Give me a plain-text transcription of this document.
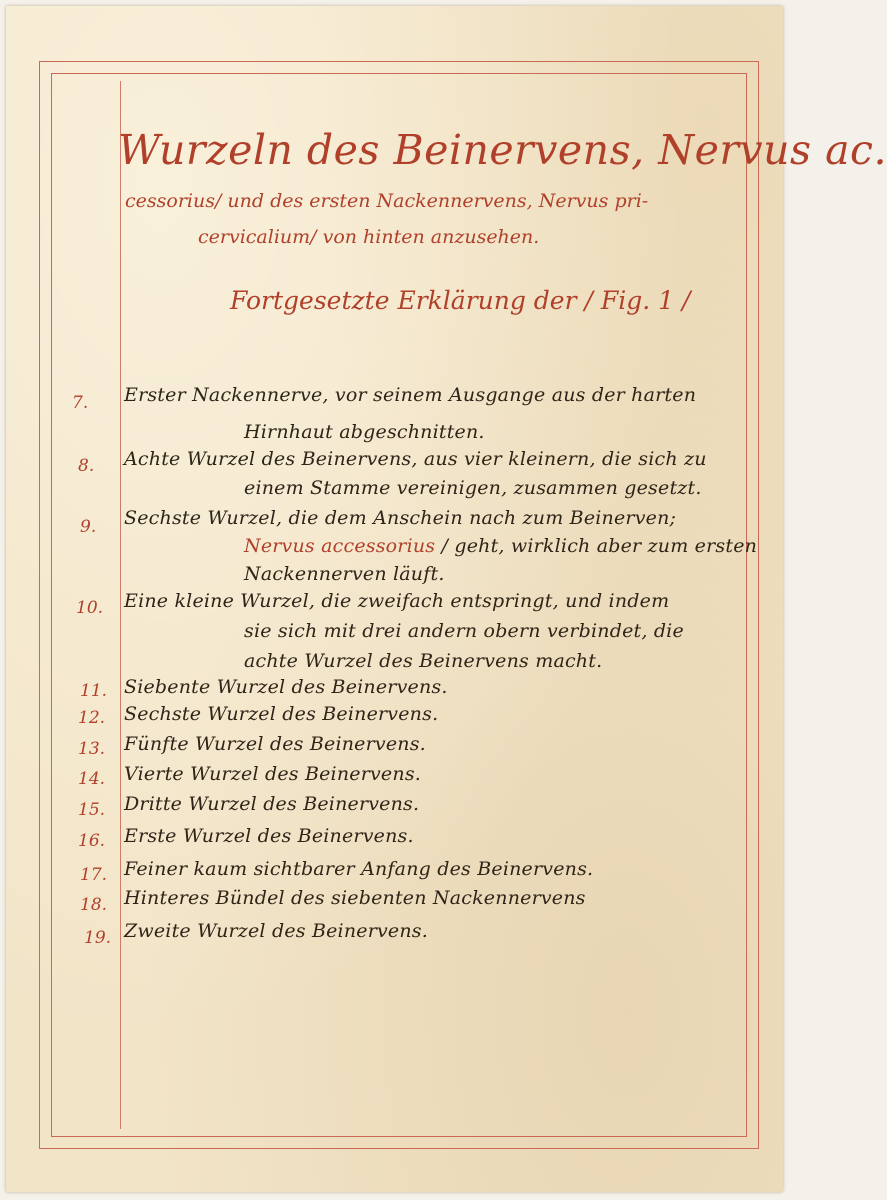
Wurzeln des Beinervens, Nervus ac.
cessorius/ und des ersten Nackennervens, Nervus pri-
cervicalium/ von hinten anzusehen.
Fortgesetzte Erklärung der / Fig. 1 /
7. Erster Nackennerve, vor seinem Ausgange aus der harten
Hirnhaut abgeschnitten.
8. Achte Wurzel des Beinervens, aus vier kleinern, die sich zu
einem Stamme vereinigen, zusammen gesetzt.
9. Sechste Wurzel, die dem Anschein nach zum Beinerven;
Nervus accessorius / geht, wirklich aber zum ersten
Nackennerven läuft.
10. Eine kleine Wurzel, die zweifach entspringt, und indem
sie sich mit drei andern obern verbindet, die
achte Wurzel des Beinervens macht.
11. Siebente Wurzel des Beinervens.
12. Sechste Wurzel des Beinervens.
13. Fünfte Wurzel des Beinervens.
14. Vierte Wurzel des Beinervens.
15. Dritte Wurzel des Beinervens.
16. Erste Wurzel des Beinervens.
17. Feiner kaum sichtbarer Anfang des Beinervens.
18. Hinteres Bündel des siebenten Nackennervens
19. Zweite Wurzel des Beinervens.
